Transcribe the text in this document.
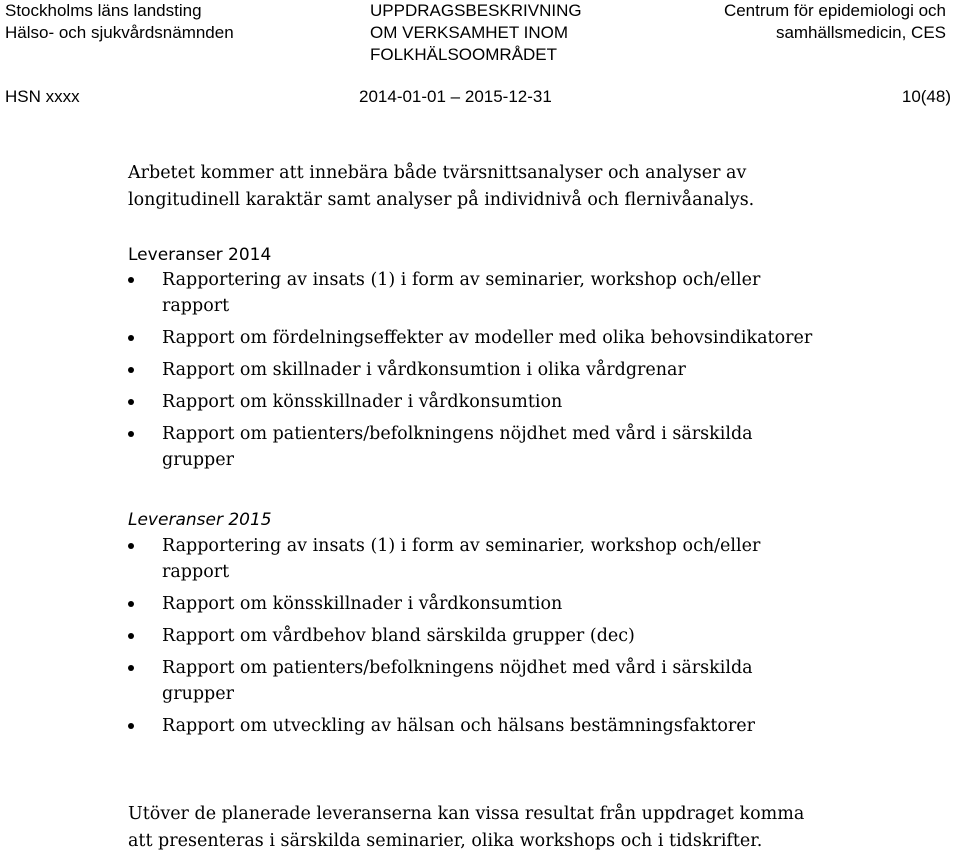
Stockholms läns landsting
Hälso- och sjukvårdsnämnden
UPPDRAGSBESKRIVNING
OM VERKSAMHET INOM
FOLKHÄLSOOMRÅDET
Centrum för epidemiologi och
samhällsmedicin, CES
HSN xxxx	2014-01-01 – 2015-12-31	10(48)
Arbetet kommer att innebära både tvärsnittsanalyser och analyser av
longitudinell karaktär samt analyser på individnivå och flernivåanalys.
Leveranser 2014
Rapportering av insats (1) i form av seminarier, workshop och/eller
rapport
Rapport om fördelningseffekter av modeller med olika behovsindikatorer
Rapport om skillnader i vårdkonsumtion i olika vårdgrenar
Rapport om könsskillnader i vårdkonsumtion
Rapport om patienters/befolkningens nöjdhet med vård i särskilda
grupper
Leveranser 2015
Rapportering av insats (1) i form av seminarier, workshop och/eller
rapport
Rapport om könsskillnader i vårdkonsumtion
Rapport om vårdbehov bland särskilda grupper (dec)
Rapport om patienters/befolkningens nöjdhet med vård i särskilda
grupper
Rapport om utveckling av hälsan och hälsans bestämningsfaktorer
Utöver de planerade leveranserna kan vissa resultat från uppdraget komma
att presenteras i särskilda seminarier, olika workshops och i tidskrifter.
